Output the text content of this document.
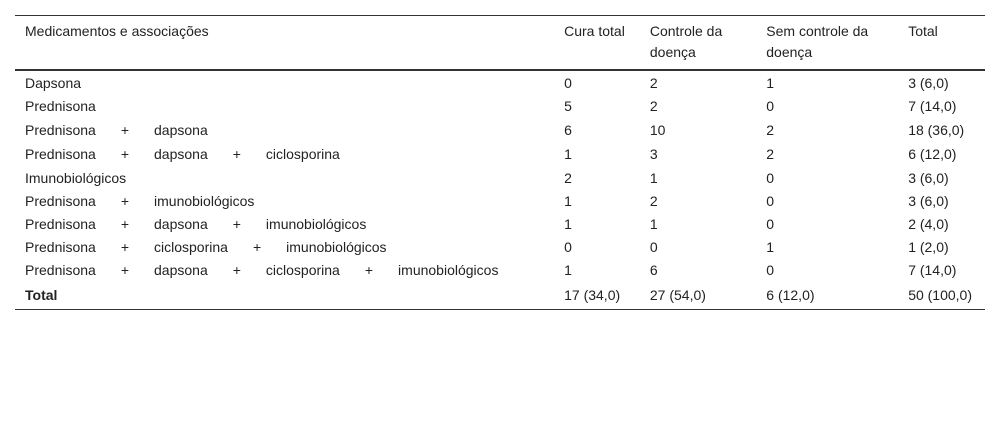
Medicamentos e associações	Cura total	Controle da doença	Sem controle da doença	Total
Dapsona	0	2	1	3 (6,0)
Prednisona	5	2	0	7 (14,0)
Prednisona + dapsona	6	10	2	18 (36,0)
Prednisona + dapsona + ciclosporina	1	3	2	6 (12,0)
Imunobiológicos	2	1	0	3 (6,0)
Prednisona + imunobiológicos	1	2	0	3 (6,0)
Prednisona + dapsona + imunobiológicos	1	1	0	2 (4,0)
Prednisona + ciclosporina + imunobiológicos	0	0	1	1 (2,0)
Prednisona + dapsona + ciclosporina + imunobiológicos	1	6	0	7 (14,0)
Total	17 (34,0)	27 (54,0)	6 (12,0)	50 (100,0)
